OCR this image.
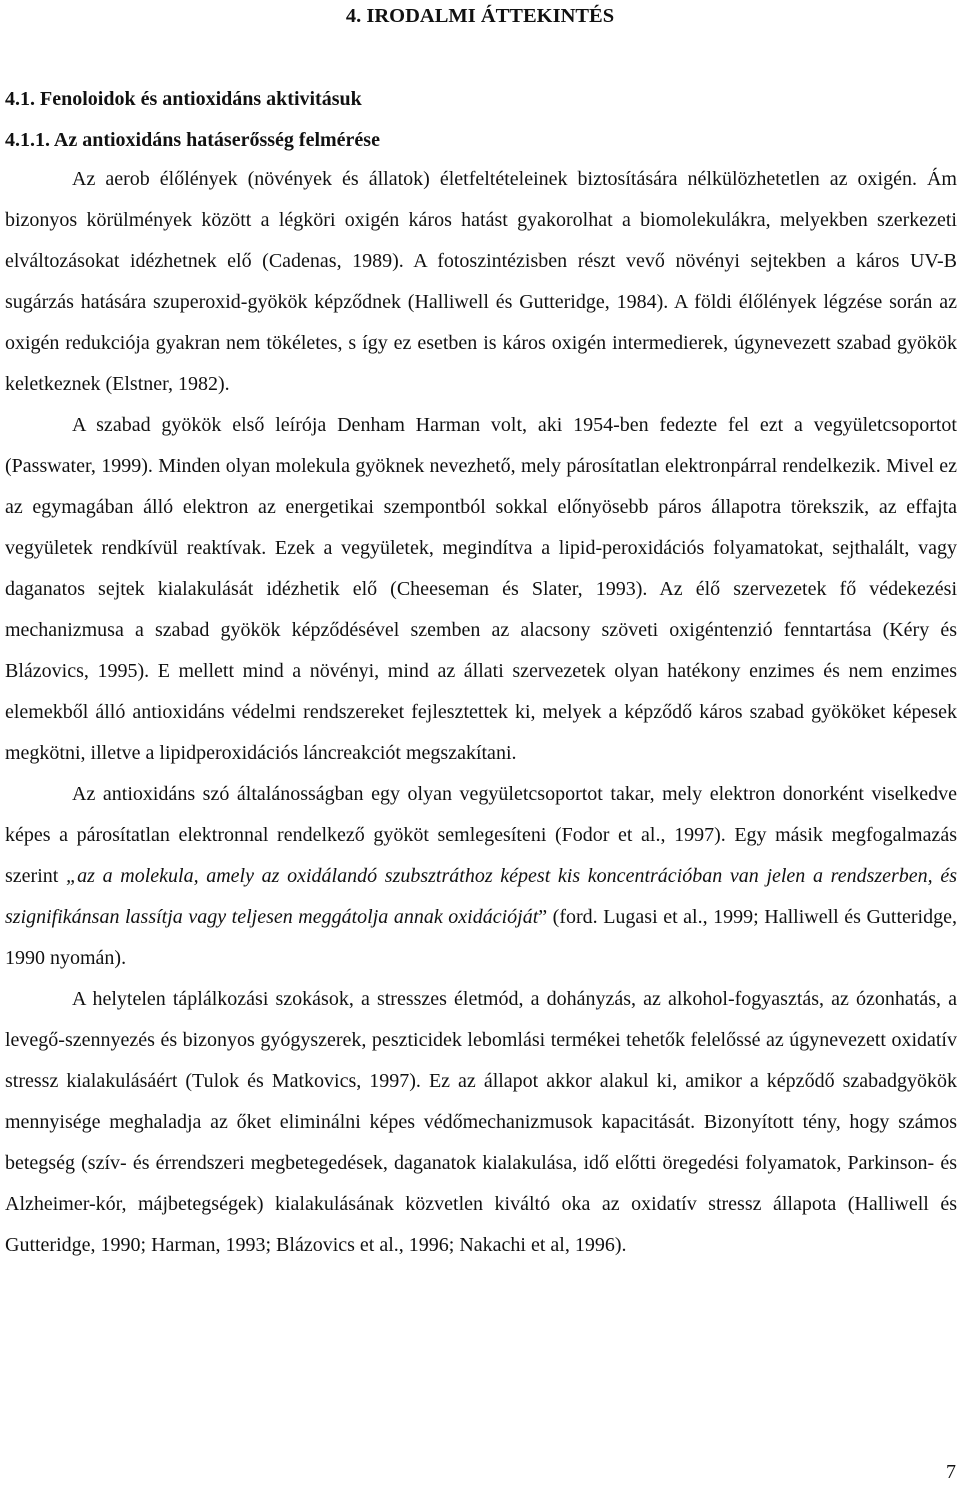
4. IRODALMI ÁTTEKINTÉS
4.1. Fenoloidok és antioxidáns aktivitásuk
4.1.1. Az antioxidáns hatáserősség felmérése

Az aerob élőlények (növények és állatok) életfeltételeinek biztosítására nélkülözhetetlen az oxigén. Ám bizonyos körülmények között a légköri oxigén káros hatást gyakorolhat a biomolekulákra, melyekben szerkezeti elváltozásokat idézhetnek elő (Cadenas, 1989). A fotoszintézisben részt vevő növényi sejtekben a káros UV-B sugárzás hatására szuperoxid-gyökök képződnek (Halliwell és Gutteridge, 1984). A földi élőlények légzése során az oxigén redukciója gyakran nem tökéletes, s így ez esetben is káros oxigén intermedierek, úgynevezett szabad gyökök keletkeznek (Elstner, 1982).

A szabad gyökök első leírója Denham Harman volt, aki 1954-ben fedezte fel ezt a vegyületcsoportot (Passwater, 1999). Minden olyan molekula gyöknek nevezhető, mely párosítatlan elektronpárral rendelkezik. Mivel ez az egymagában álló elektron az energetikai szempontból sokkal előnyösebb páros állapotra törekszik, az effajta vegyületek rendkívül reaktívak. Ezek a vegyületek, megindítva a lipid-peroxidációs folyamatokat, sejthalált, vagy daganatos sejtek kialakulását idézhetik elő (Cheeseman és Slater, 1993). Az élő szervezetek fő védekezési mechanizmusa a szabad gyökök képződésével szemben az alacsony szöveti oxigéntenzió fenntartása (Kéry és Blázovics, 1995). E mellett mind a növényi, mind az állati szervezetek olyan hatékony enzimes és nem enzimes elemekből álló antioxidáns védelmi rendszereket fejlesztettek ki, melyek a képződő káros szabad gyököket képesek megkötni, illetve a lipidperoxidációs láncreakciót megszakítani.

Az antioxidáns szó általánosságban egy olyan vegyületcsoportot takar, mely elektron donorként viselkedve képes a párosítatlan elektronnal rendelkező gyököt semlegesíteni (Fodor et al., 1997). Egy másik megfogalmazás szerint „az a molekula, amely az oxidálandó szubsztráthoz képest kis koncentrációban van jelen a rendszerben, és szignifikánsan lassítja vagy teljesen meggátolja annak oxidációját” (ford. Lugasi et al., 1999; Halliwell és Gutteridge, 1990 nyomán).

A helytelen táplálkozási szokások, a stresszes életmód, a dohányzás, az alkohol-fogyasztás, az ózonhatás, a levegő-szennyezés és bizonyos gyógyszerek, peszticidek lebomlási termékei tehetők felelőssé az úgynevezett oxidatív stressz kialakulásáért (Tulok és Matkovics, 1997). Ez az állapot akkor alakul ki, amikor a képződő szabadgyökök mennyisége meghaladja az őket eliminálni képes védőmechanizmusok kapacitását. Bizonyított tény, hogy számos betegség (szív- és érrendszeri megbetegedések, daganatok kialakulása, idő előtti öregedési folyamatok, Parkinson- és Alzheimer-kór, májbetegségek) kialakulásának közvetlen kiváltó oka az oxidatív stressz állapota (Halliwell és Gutteridge, 1990; Harman, 1993; Blázovics et al., 1996; Nakachi et al, 1996).

7
